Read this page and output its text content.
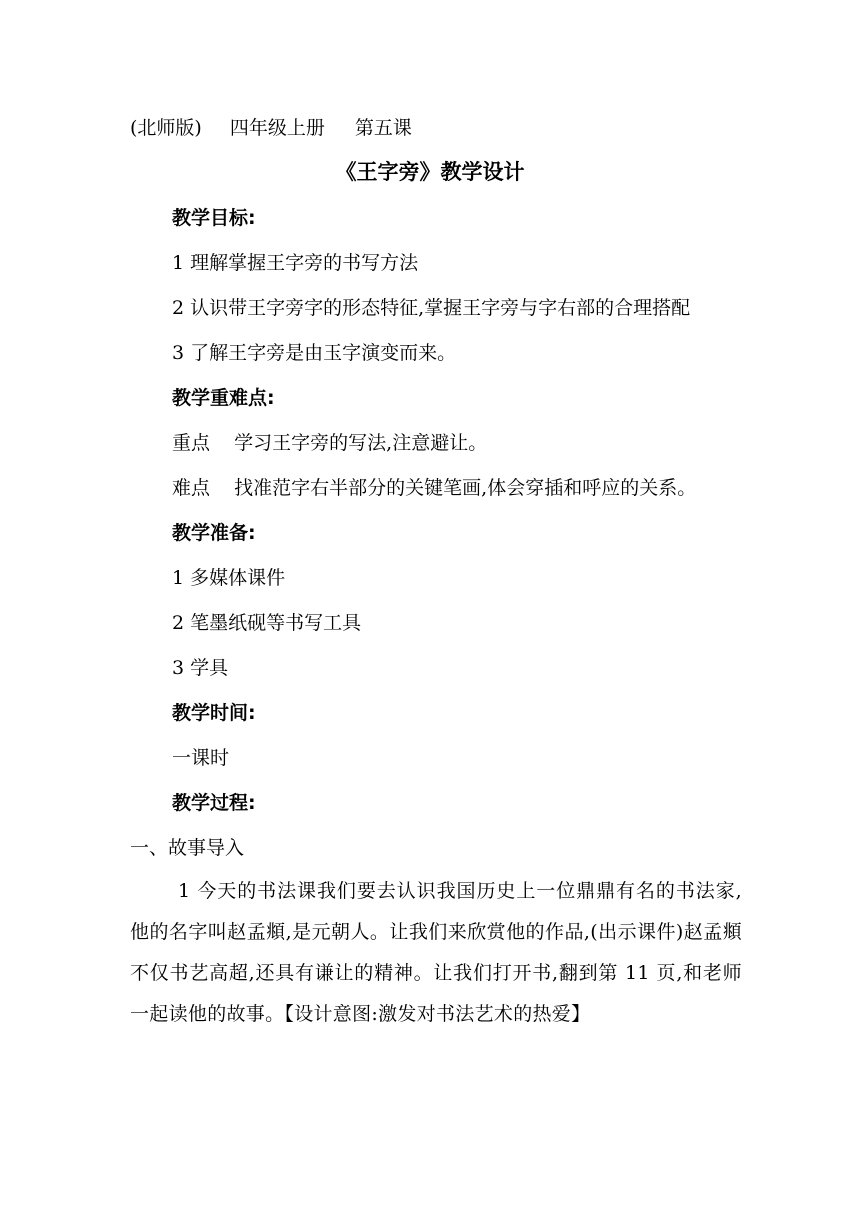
(北师版) 四年级上册 第五课
《王字旁》教学设计
教学目标:
1 理解掌握王字旁的书写方法
2 认识带王字旁字的形态特征,掌握王字旁与字右部的合理搭配
3 了解王字旁是由玉字演变而来。
教学重难点:
重点    学习王字旁的写法,注意避让。
难点    找准范字右半部分的关键笔画,体会穿插和呼应的关系。
教学准备:
1 多媒体课件
2 笔墨纸砚等书写工具
3 学具
教学时间:
一课时
教学过程:
一、故事导入
1 今天的书法课我们要去认识我国历史上一位鼎鼎有名的书法家,他的名字叫赵孟頫,是元朝人。让我们来欣赏他的作品,(出示课件)赵孟頫不仅书艺高超,还具有谦让的精神。让我们打开书,翻到第 11 页,和老师一起读他的故事。【设计意图:激发对书法艺术的热爱】
